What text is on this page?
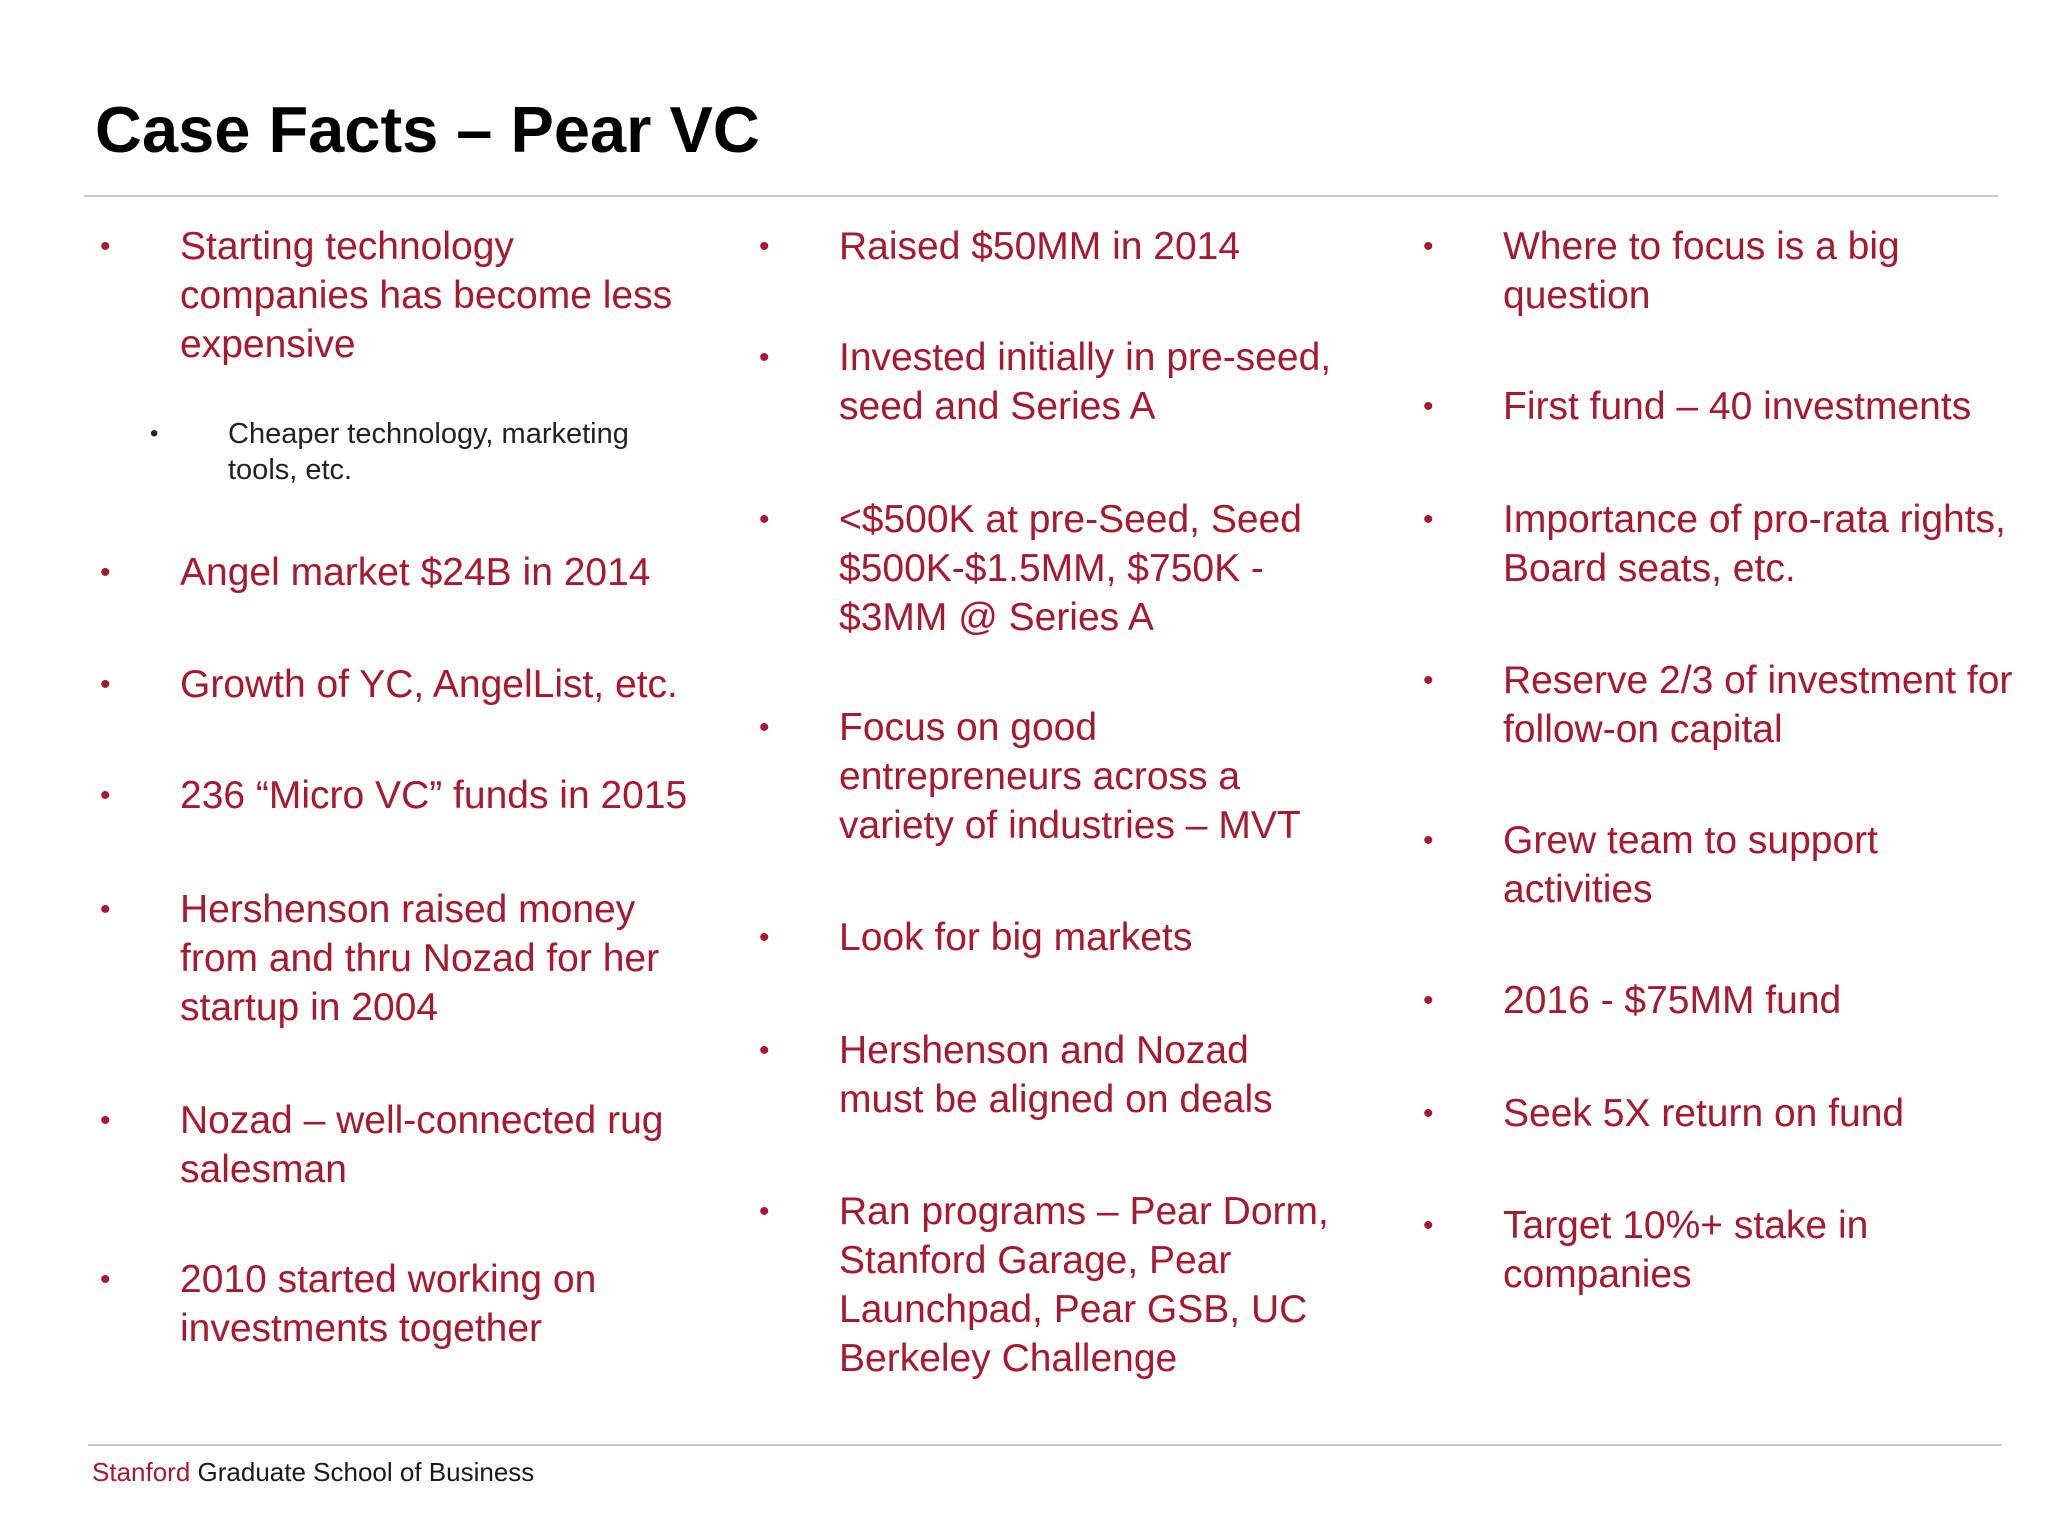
Case Facts – Pear VC
• Starting technology
companies has become less
expensive
• Cheaper technology, marketing
tools, etc.
• Angel market $24B in 2014
• Growth of YC, AngelList, etc.
• 236 “Micro VC” funds in 2015
• Hershenson raised money
from and thru Nozad for her
startup in 2004
• Nozad – well-connected rug
salesman
• 2010 started working on
investments together
• Raised $50MM in 2014
• Invested initially in pre-seed,
seed and Series A
• <$500K at pre-Seed, Seed
$500K-$1.5MM, $750K -
$3MM @ Series A
• Focus on good
entrepreneurs across a
variety of industries – MVT
• Look for big markets
• Hershenson and Nozad
must be aligned on deals
• Ran programs – Pear Dorm,
Stanford Garage, Pear
Launchpad, Pear GSB, UC
Berkeley Challenge
• Where to focus is a big
question
• First fund – 40 investments
• Importance of pro-rata rights,
Board seats, etc.
• Reserve 2/3 of investment for
follow-on capital
• Grew team to support
activities
• 2016 - $75MM fund
• Seek 5X return on fund
• Target 10%+ stake in
companies
Stanford Graduate School of Business
